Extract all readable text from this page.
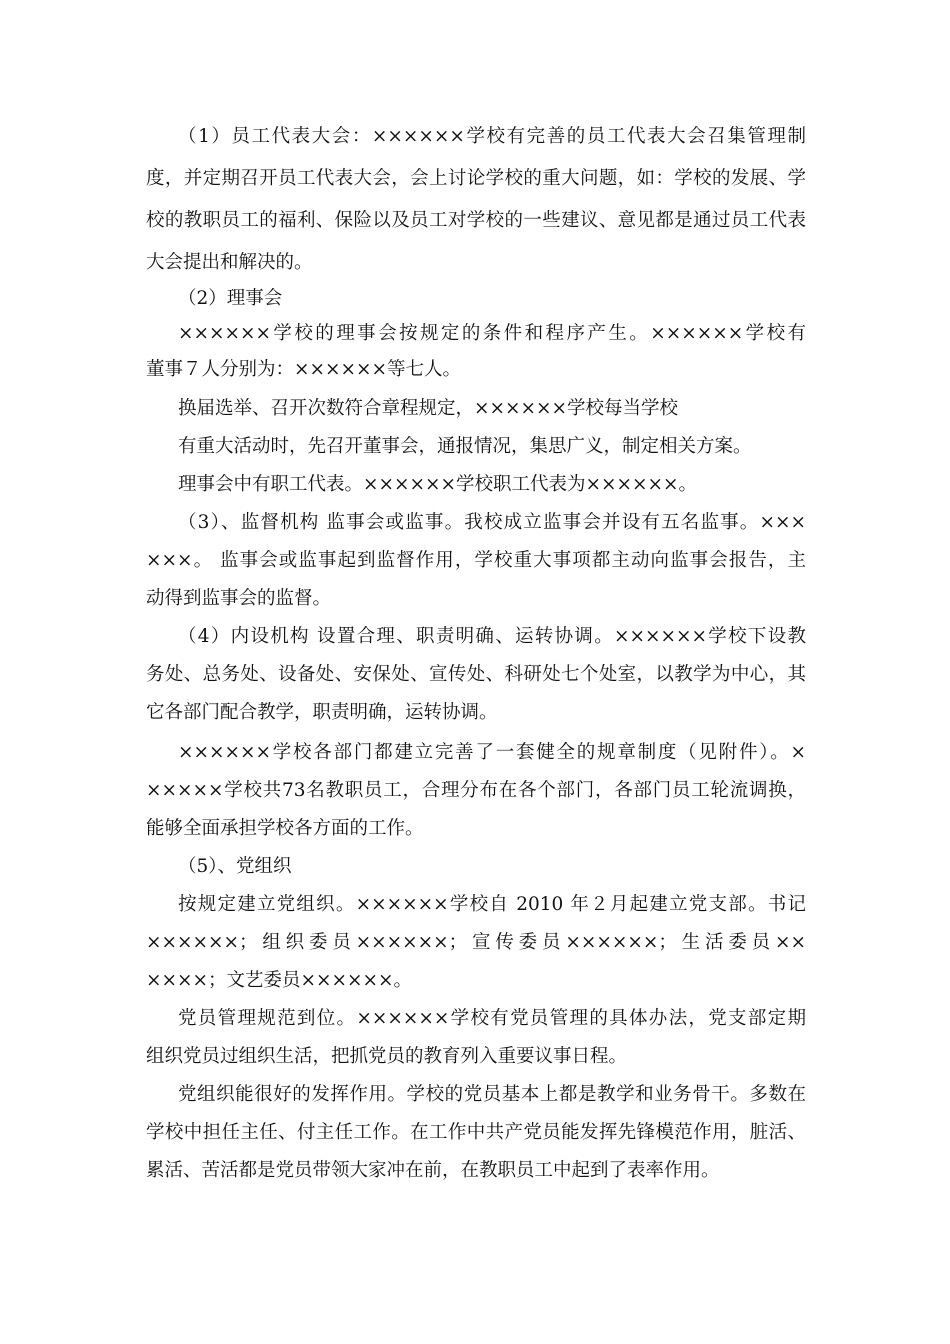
（1）员工代表大会：××××××学校有完善的员工代表大会召集管理制
度，并定期召开员工代表大会，会上讨论学校的重大问题，如：学校的发展、学
校的教职员工的福利、保险以及员工对学校的一些建议、意见都是通过员工代表
大会提出和解决的。
（2）理事会
××××××学校的理事会按规定的条件和程序产生。××××××学校有
董事７人分别为：××××××等七人。
换届选举、召开次数符合章程规定，××××××学校每当学校
有重大活动时，先召开董事会，通报情况，集思广义，制定相关方案。
理事会中有职工代表。××××××学校职工代表为××××××。
（3）、监督机构 监事会或监事。我校成立监事会并设有五名监事。×××
×××。 监事会或监事起到监督作用，学校重大事项都主动向监事会报告，主
动得到监事会的监督。
（4）内设机构 设置合理、职责明确、运转协调。××××××学校下设教
务处、总务处、设备处、安保处、宣传处、科研处七个处室，以教学为中心，其
它各部门配合教学，职责明确，运转协调。
××××××学校各部门都建立完善了一套健全的规章制度（见附件）。×
×××××学校共73名教职员工，合理分布在各个部门，各部门员工轮流调换，
能够全面承担学校各方面的工作。
（5）、党组织
按规定建立党组织。××××××学校自 2010 年２月起建立党支部。书记
××××××；组织委员××××××；宣传委员××××××；生活委员××
××××；文艺委员××××××。
党员管理规范到位。××××××学校有党员管理的具体办法，党支部定期
组织党员过组织生活，把抓党员的教育列入重要议事日程。
党组织能很好的发挥作用。学校的党员基本上都是教学和业务骨干。多数在
学校中担任主任、付主任工作。在工作中共产党员能发挥先锋模范作用，脏活、
累活、苦活都是党员带领大家冲在前，在教职员工中起到了表率作用。
